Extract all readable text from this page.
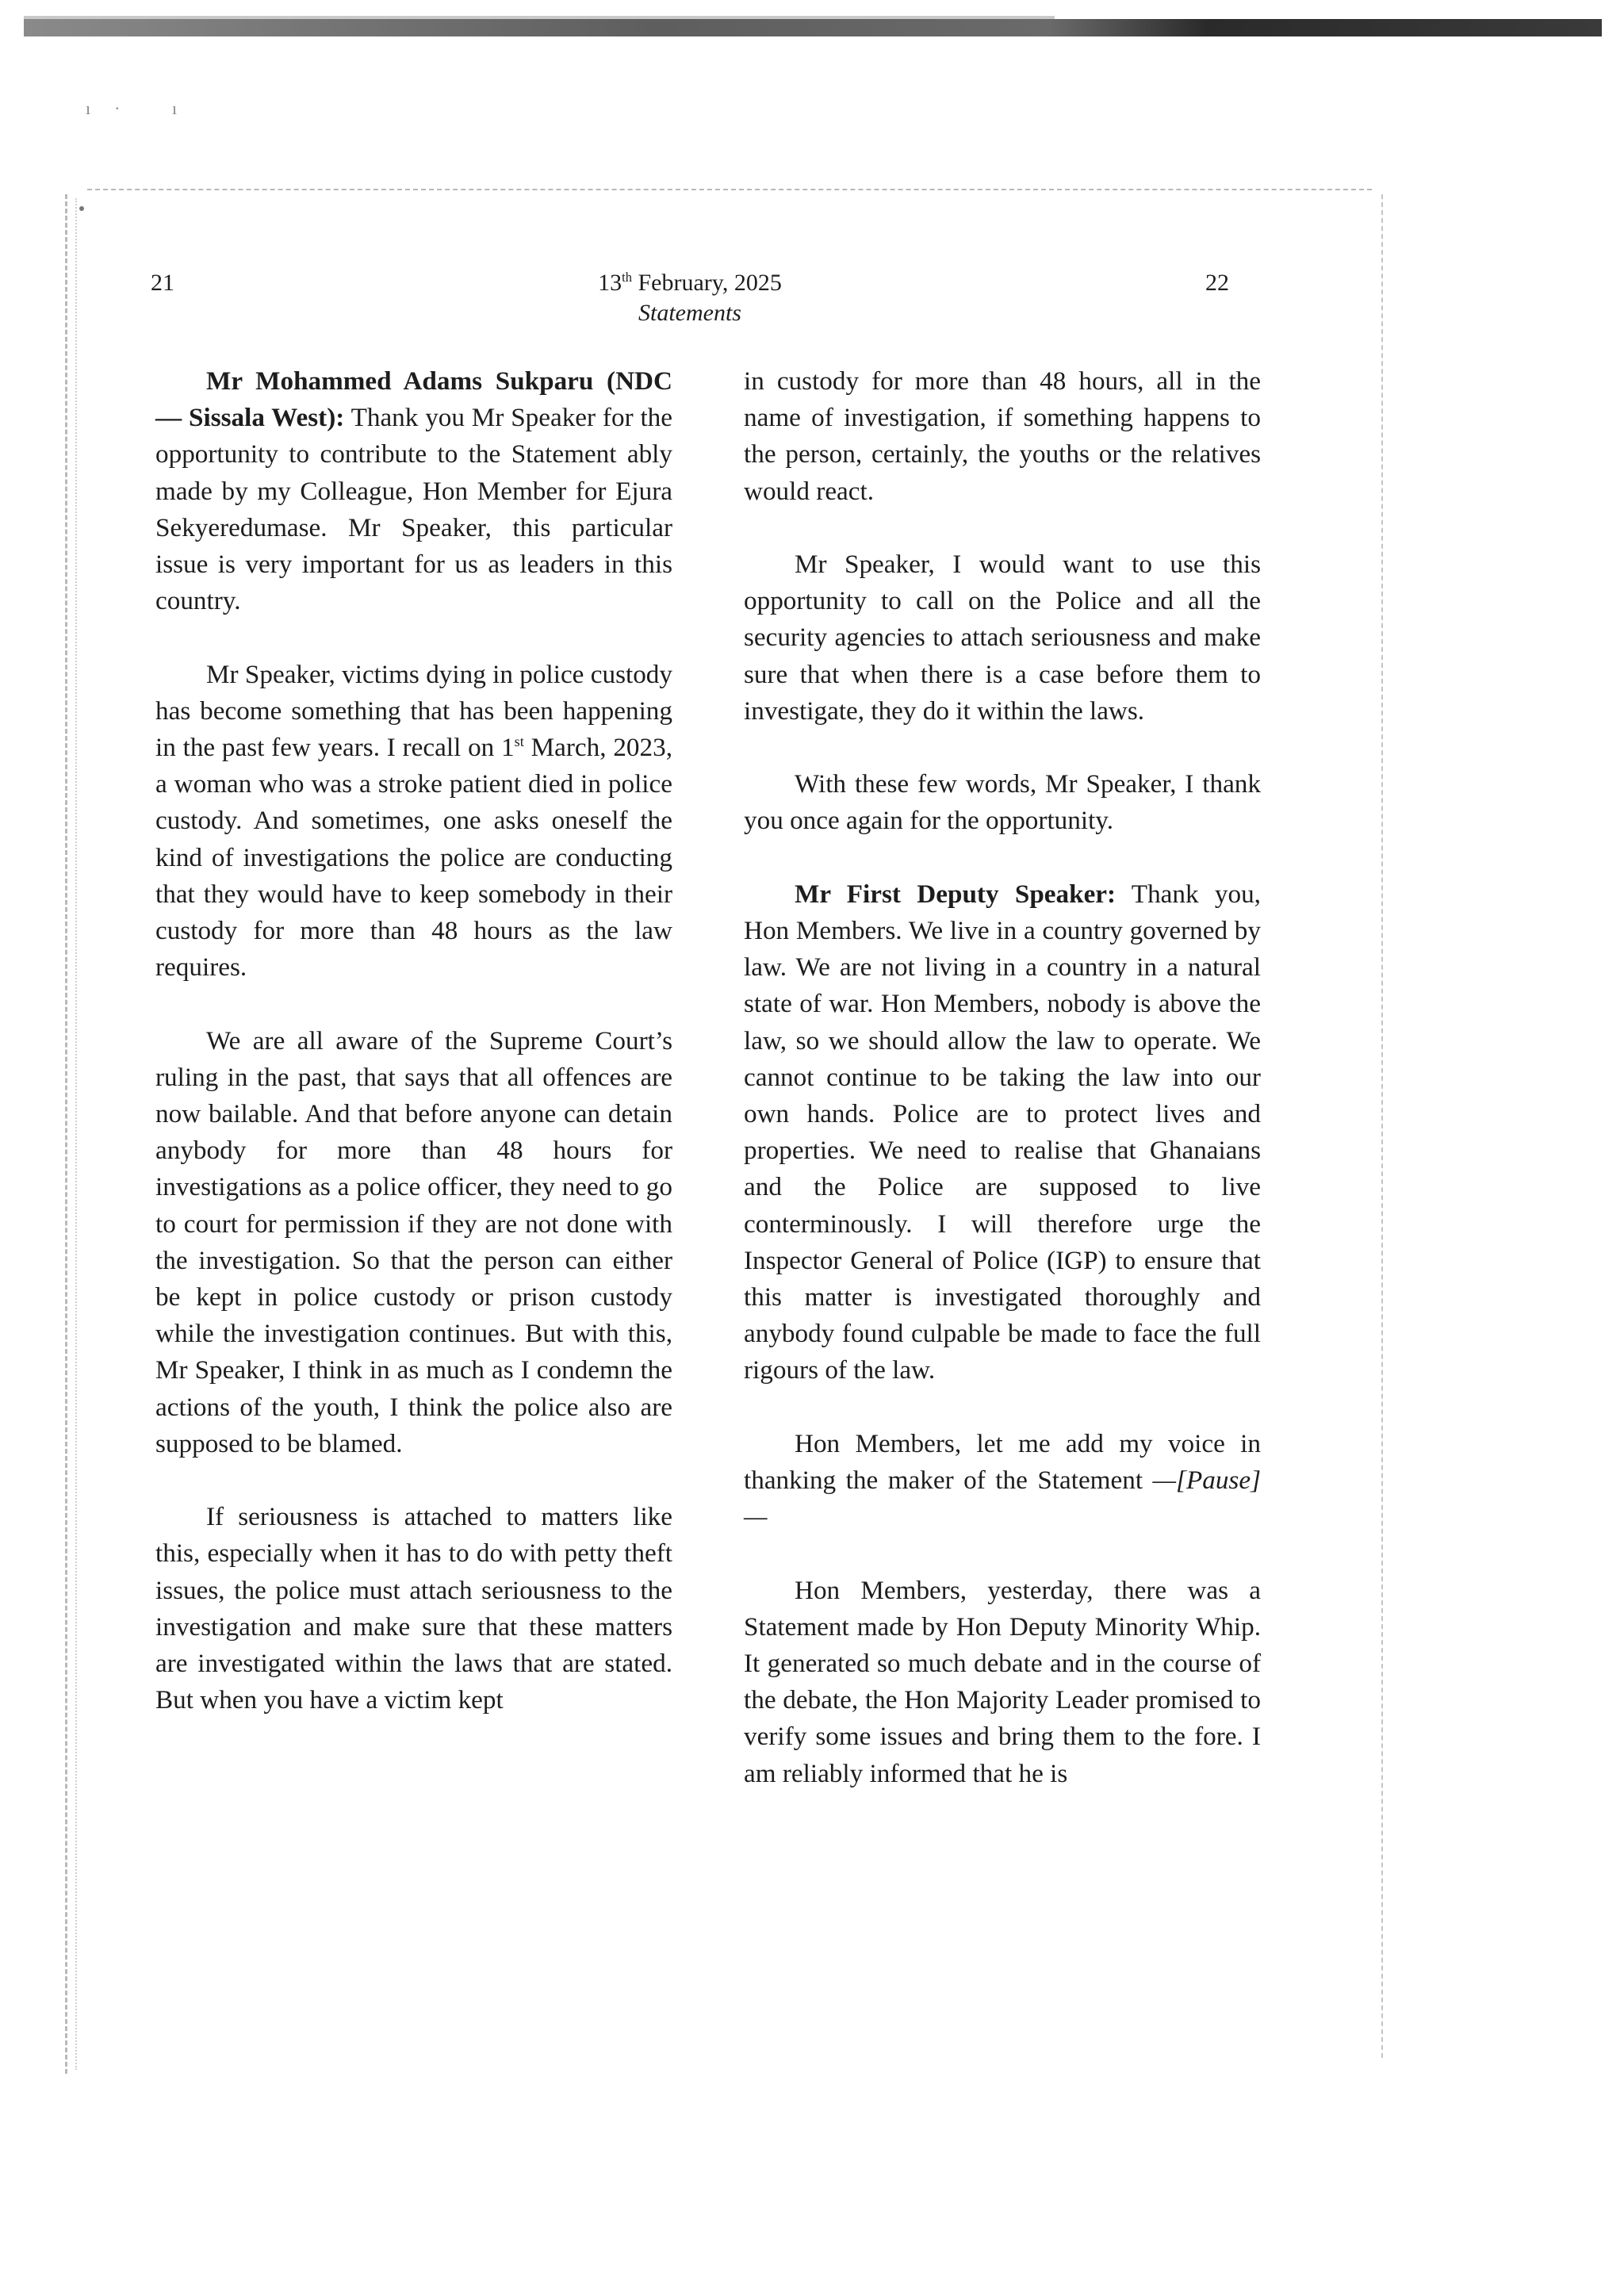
ı· ı
21	13th February, 2025
Statements
22

Mr Mohammed Adams Sukparu (NDC — Sissala West): Thank you Mr Speaker for the opportunity to contribute to the Statement ably made by my Colleague, Hon Member for Ejura Sekyeredumase. Mr Speaker, this particular issue is very important for us as leaders in this country.

Mr Speaker, victims dying in police custody has become something that has been happening in the past few years. I recall on 1st March, 2023, a woman who was a stroke patient died in police custody. And sometimes, one asks oneself the kind of investigations the police are conducting that they would have to keep somebody in their custody for more than 48 hours as the law requires.

We are all aware of the Supreme Court’s ruling in the past, that says that all offences are now bailable. And that before anyone can detain anybody for more than 48 hours for investigations as a police officer, they need to go to court for permission if they are not done with the investigation. So that the person can either be kept in police custody or prison custody while the investigation continues. But with this, Mr Speaker, I think in as much as I condemn the actions of the youth, I think the police also are supposed to be blamed.

If seriousness is attached to matters like this, especially when it has to do with petty theft issues, the police must attach seriousness to the investigation and make sure that these matters are investigated within the laws that are stated. But when you have a victim kept

in custody for more than 48 hours, all in the name of investigation, if something happens to the person, certainly, the youths or the relatives would react.

Mr Speaker, I would want to use this opportunity to call on the Police and all the security agencies to attach seriousness and make sure that when there is a case before them to investigate, they do it within the laws.

With these few words, Mr Speaker, I thank you once again for the opportunity.

Mr First Deputy Speaker: Thank you, Hon Members. We live in a country governed by law. We are not living in a country in a natural state of war. Hon Members, nobody is above the law, so we should allow the law to operate. We cannot continue to be taking the law into our own hands. Police are to protect lives and properties. We need to realise that Ghanaians and the Police are supposed to live conterminously. I will therefore urge the Inspector General of Police (IGP) to ensure that this matter is investigated thoroughly and anybody found culpable be made to face the full rigours of the law.

Hon Members, let me add my voice in thanking the maker of the Statement —[Pause]—

Hon Members, yesterday, there was a Statement made by Hon Deputy Minority Whip. It generated so much debate and in the course of the debate, the Hon Majority Leader promised to verify some issues and bring them to the fore. I am reliably informed that he is
